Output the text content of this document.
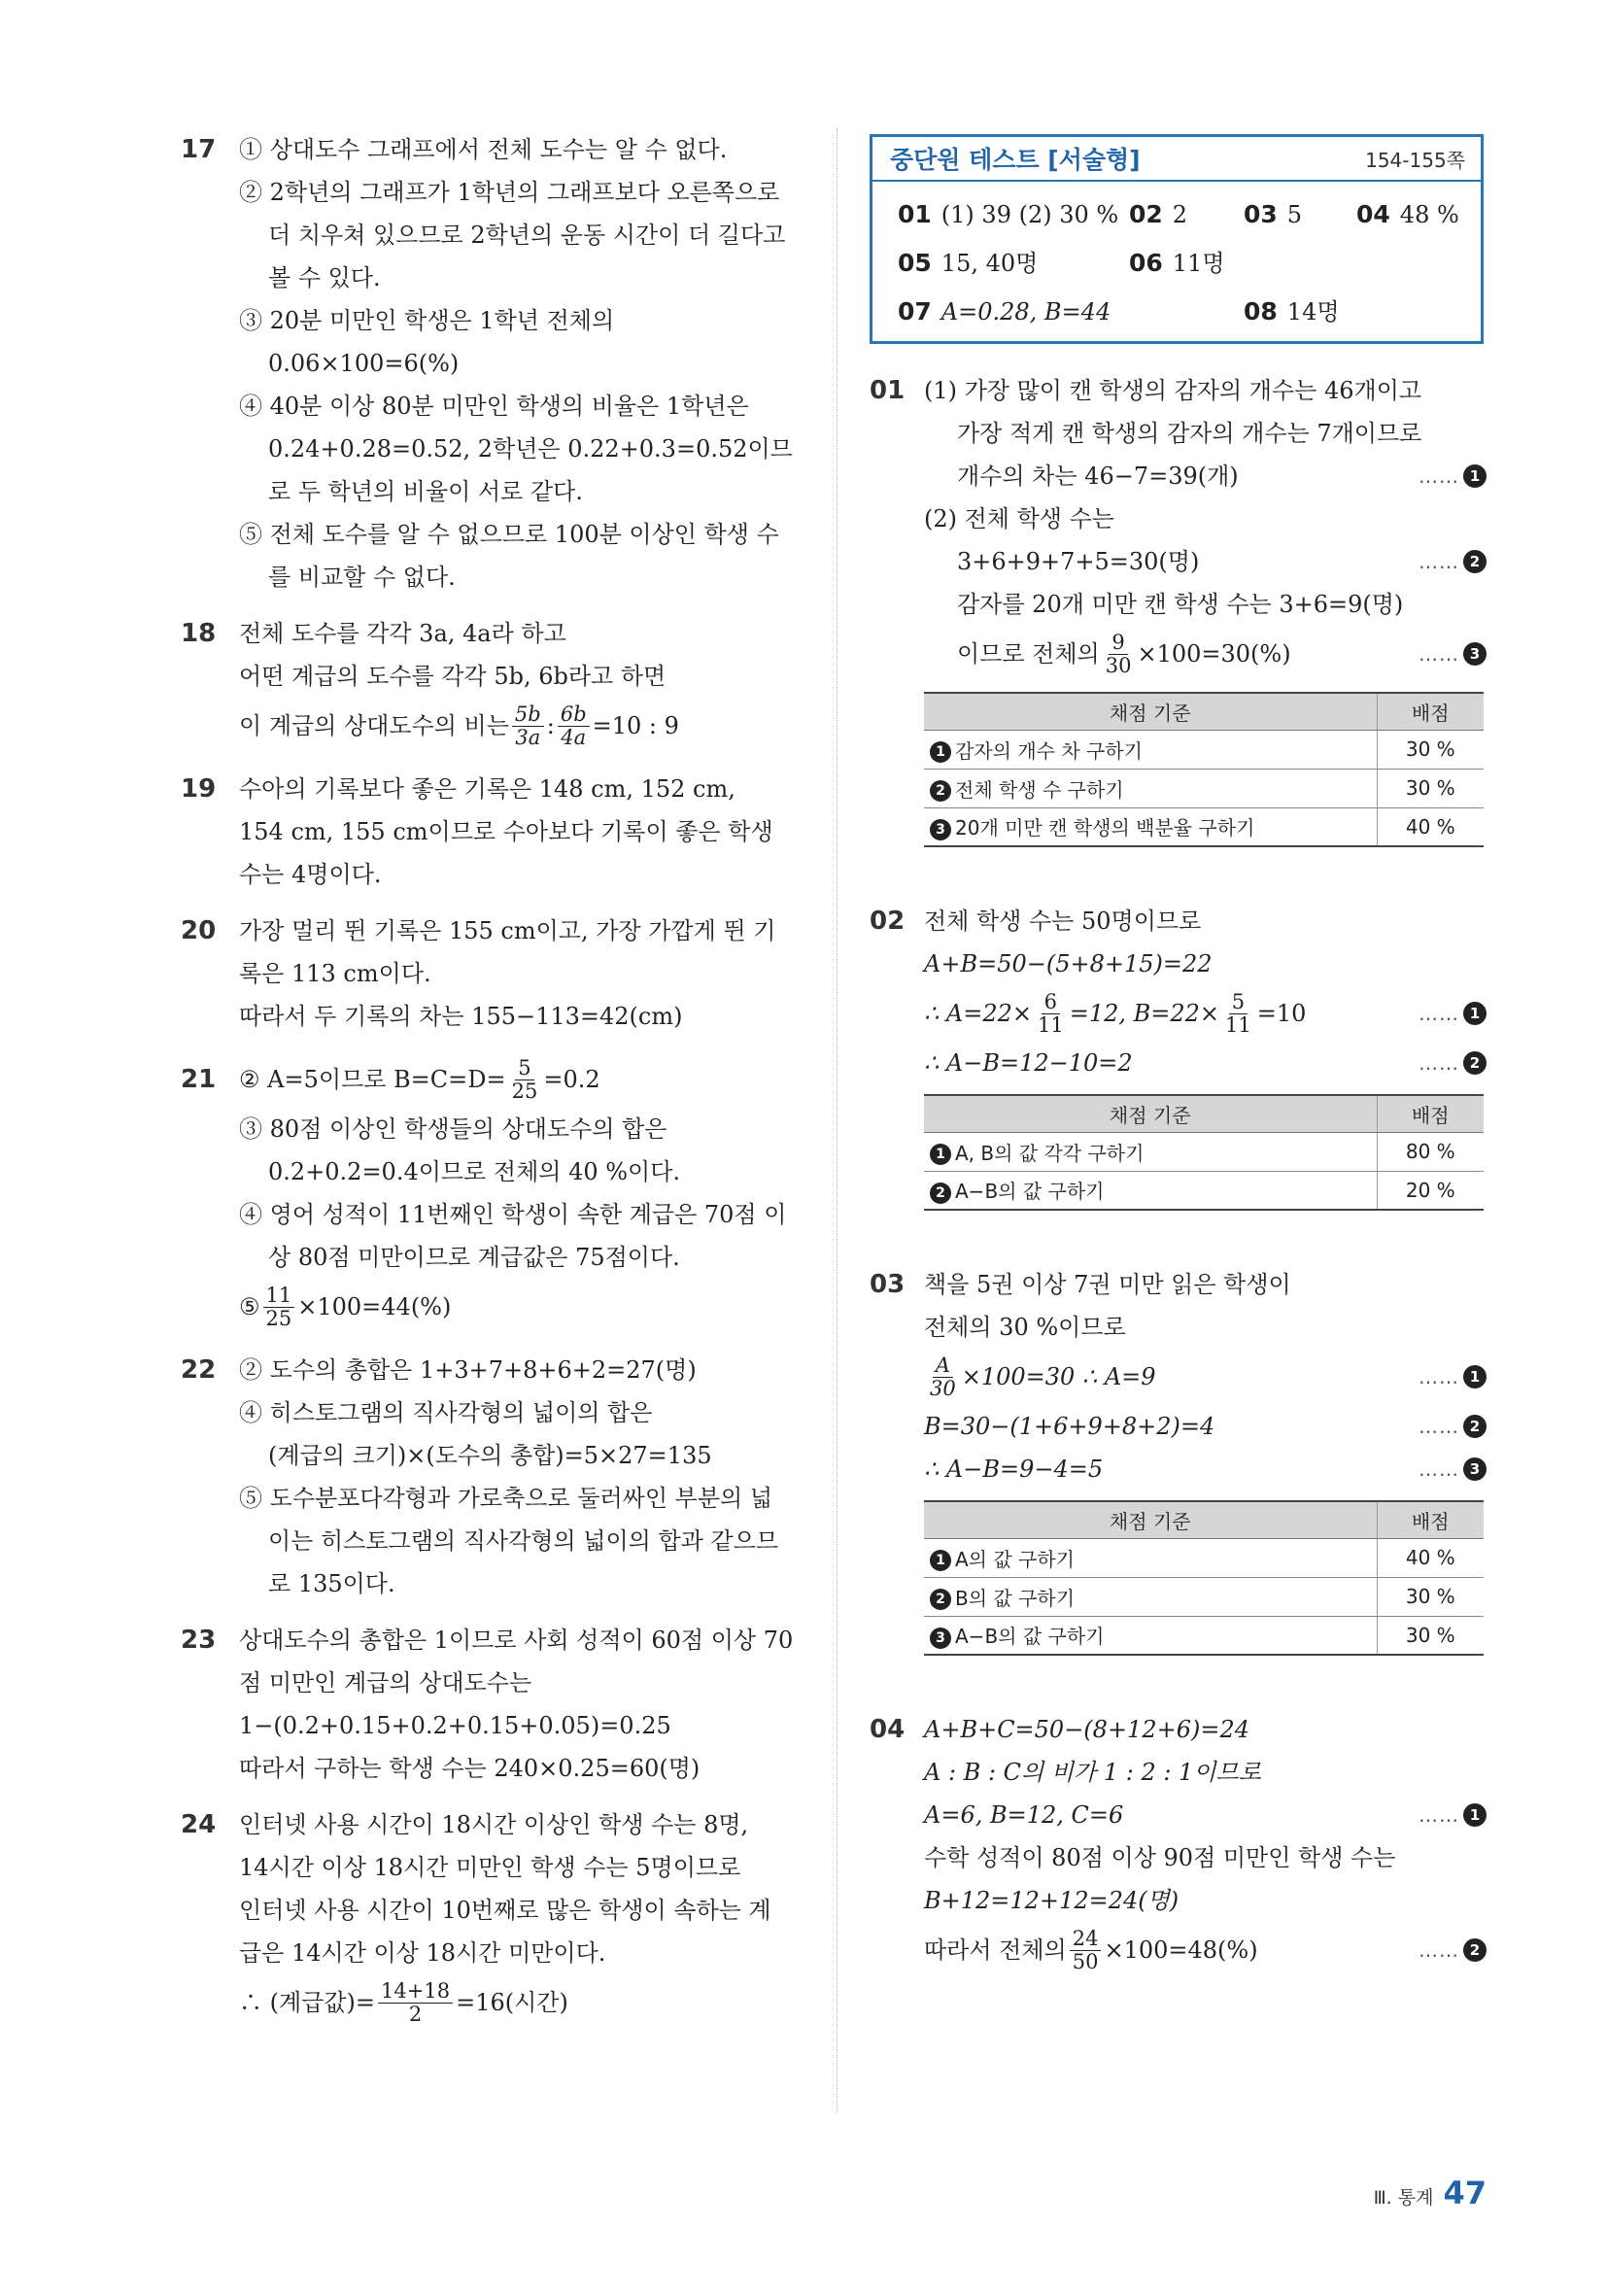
17 ① 상대도수 그래프에서 전체 도수는 알 수 없다.
② 2학년의 그래프가 1학년의 그래프보다 오른쪽으로
더 치우쳐 있으므로 2학년의 운동 시간이 더 길다고
볼 수 있다.
③ 20분 미만인 학생은 1학년 전체의
0.06×100=6(%)
④ 40분 이상 80분 미만인 학생의 비율은 1학년은
0.24+0.28=0.52, 2학년은 0.22+0.3=0.52이므
로 두 학년의 비율이 서로 같다.
⑤ 전체 도수를 알 수 없으므로 100분 이상인 학생 수
를 비교할 수 없다.
18 전체 도수를 각각 3a, 4a라 하고
어떤 계급의 도수를 각각 5b, 6b라고 하면
이 계급의 상대도수의 비는 $\frac{5b}{3a}$ : $\frac{6b}{4a} =10$ : 9
19 수아의 기록보다 좋은 기록은 148 cm, 152 cm,
154 cm, 155 cm이므로 수아보다 기록이 좋은 학생
수는 4명이다.
20 가장 멀리 뛴 기록은 155 cm이고, 가장 가깝게 뛴 기
록은 113 cm이다.
따라서 두 기록의 차는 155−113=42(cm)
21 ② A=5이므로 $B=C=D= \frac{5}{25} =0.2$
③ 80점 이상인 학생들의 상대도수의 합은
0.2+0.2=0.4이므로 전체의 40 %이다.
④ 영어 성적이 11번째인 학생이 속한 계급은 70점 이
상 80점 미만이므로 계급값은 75점이다.
⑤ $\frac{11}{25} \times 100=44(\%)$
22 ② 도수의 총합은 1+3+7+8+6+2=27(명)
④ 히스토그램의 직사각형의 넓이의 합은
(계급의 크기)×(도수의 총합)=5×27=135
⑤ 도수분포다각형과 가로축으로 둘러싸인 부분의 넓
이는 히스토그램의 직사각형의 넓이의 합과 같으므
로 135이다.
23 상대도수의 총합은 1이므로 사회 성적이 60점 이상 70
점 미만인 계급의 상대도수는
1−(0.2+0.15+0.2+0.15+0.05)=0.25
따라서 구하는 학생 수는 240×0.25=60(명)
24 인터넷 사용 시간이 18시간 이상인 학생 수는 8명,
14시간 이상 18시간 미만인 학생 수는 5명이므로
인터넷 사용 시간이 10번째로 많은 학생이 속하는 계
급은 14시간 이상 18시간 미만이다.
∴ (계급값)= $\frac{14+18}{2} =16$(시간)
중단원 테스트 [서술형]	154-155쪽
01 (1) 39 (2) 30 % 02 2 03 5 04 48 %
05 15, 40명	06 11명
07 A=0.28, B=44	08 14명
01 (1) 가장 많이 캔 학생의 감자의 개수는 46개이고
가장 적게 캔 학생의 감자의 개수는 7개이므로
개수의 차는 46−7=39(개)	…… 1
(2) 전체 학생 수는
3+6+9+7+5=30(명)	…… 2
감자를 20개 미만 캔 학생 수는 3+6=9(명)
이므로 전체의 $\frac{9}{30} \times 100=30(\%)$	…… 3
채점 기준	배점
1 감자의 개수 차 구하기	30 %
2 전체 학생 수 구하기	30 %
3 20개 미만 캔 학생의 백분율 구하기	40 %
02 전체 학생 수는 50명이므로
A+B=50−(5+8+15)=22
∴ $A=22\times \frac{6}{11} =12$, $B=22\times \frac{5}{11} =10$	…… 1
∴ A−B=12−10=2	…… 2
채점 기준	배점
1 A, B의 값 각각 구하기	80 %
2 A−B의 값 구하기	20 %
03 책을 5권 이상 7권 미만 읽은 학생이
전체의 30 %이므로
$\frac{A}{30} \times 100=30$ ∴ A=9	…… 1
B=30−(1+6+9+8+2)=4	…… 2
∴ A−B=9−4=5	…… 3
채점 기준	배점
1 A의 값 구하기	40 %
2 B의 값 구하기	30 %
3 A−B의 값 구하기	30 %
04 A+B+C=50−(8+12+6)=24
A : B : C의 비가 1 : 2 : 1이므로
A=6, B=12, C=6	…… 1
수학 성적이 80점 이상 90점 미만인 학생 수는
B+12=12+12=24(명)
따라서 전체의 $\frac{24}{50} \times 100=48(\%)$	…… 2
Ⅲ. 통계 47
